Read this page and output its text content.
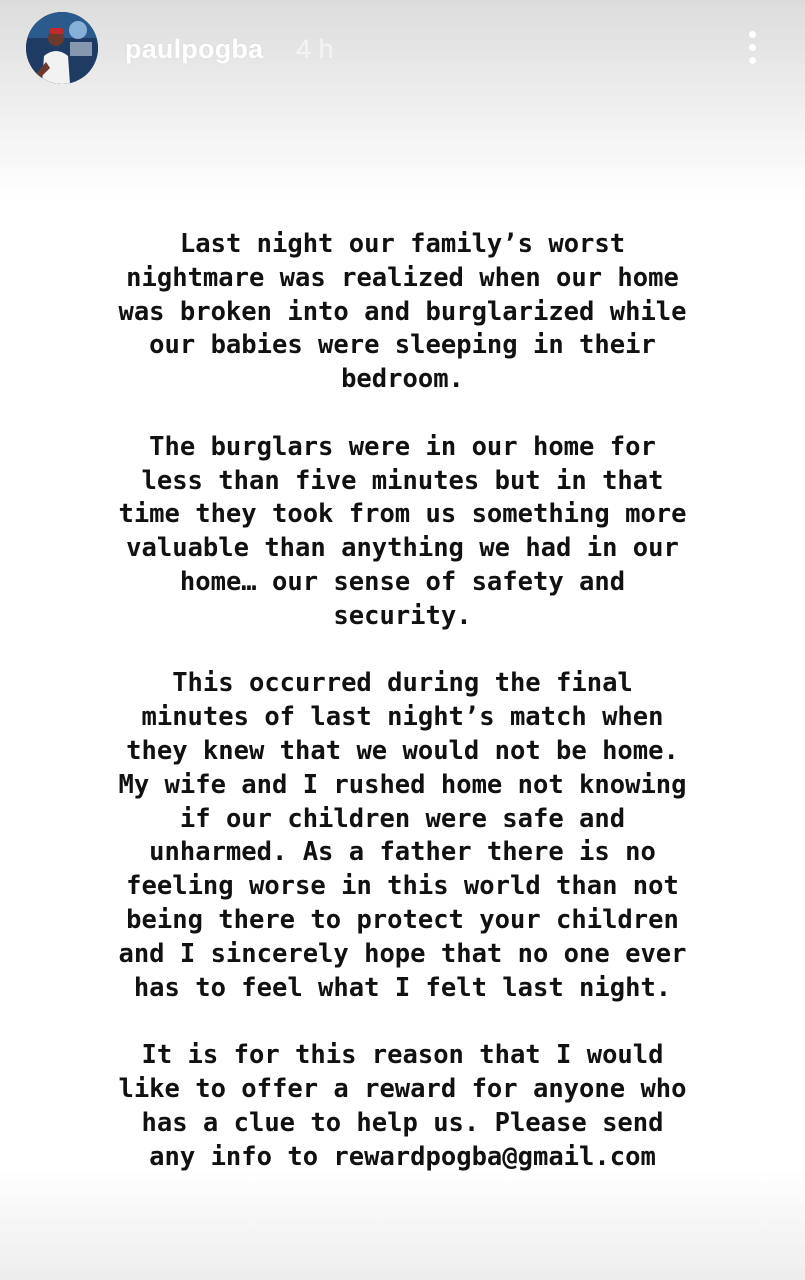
paulpogba 4 h

Last night our family’s worst
nightmare was realized when our home
was broken into and burglarized while
our babies were sleeping in their
bedroom.

The burglars were in our home for
less than five minutes but in that
time they took from us something more
valuable than anything we had in our
home… our sense of safety and
security.

This occurred during the final
minutes of last night’s match when
they knew that we would not be home.
My wife and I rushed home not knowing
if our children were safe and
unharmed. As a father there is no
feeling worse in this world than not
being there to protect your children
and I sincerely hope that no one ever
has to feel what I felt last night.

It is for this reason that I would
like to offer a reward for anyone who
has a clue to help us. Please send
any info to rewardpogba@gmail.com
